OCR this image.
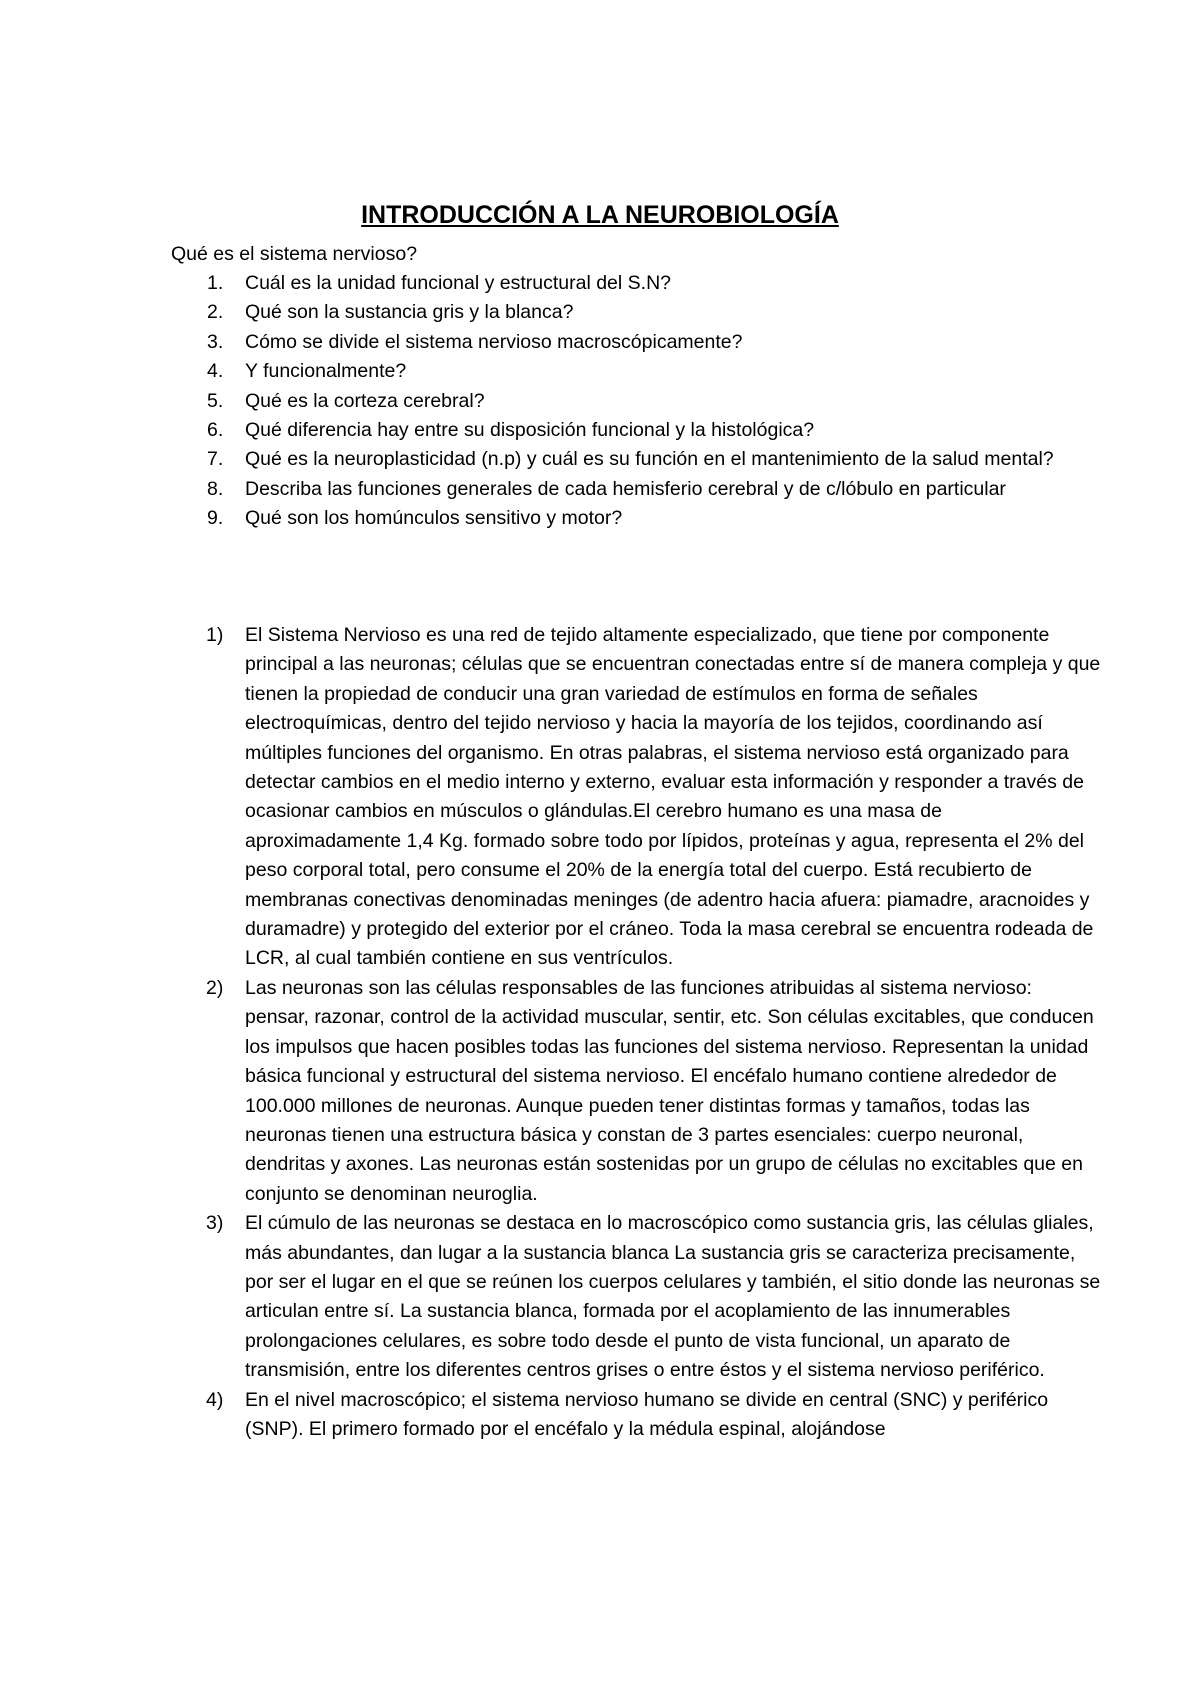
INTRODUCCIÓN A LA NEUROBIOLOGÍA

Qué es el sistema nervioso?

1. Cuál es la unidad funcional y estructural del S.N?
2. Qué son la sustancia gris y la blanca?
3. Cómo se divide el sistema nervioso macroscópicamente?
4. Y funcionalmente?
5. Qué es la corteza cerebral?
6. Qué diferencia hay entre su disposición funcional y la histológica?
7. Qué es la neuroplasticidad (n.p) y cuál es su función en el mantenimiento de la salud mental?
8. Describa las funciones generales de cada hemisferio cerebral y de c/lóbulo en particular
9. Qué son los homúnculos sensitivo y motor?
1) El Sistema Nervioso es una red de tejido altamente especializado, que tiene por componente principal a las neuronas; células que se encuentran conectadas entre sí de manera compleja y que tienen la propiedad de conducir una gran variedad de estímulos en forma de señales electroquímicas, dentro del tejido nervioso y hacia la mayoría de los tejidos, coordinando así múltiples funciones del organismo. En otras palabras, el sistema nervioso está organizado para detectar cambios en el medio interno y externo, evaluar esta información y responder a través de ocasionar cambios en músculos o glándulas.El cerebro humano es una masa de aproximadamente 1,4 Kg. formado sobre todo por lípidos, proteínas y agua, representa el 2% del peso corporal total, pero consume el 20% de la energía total del cuerpo. Está recubierto de membranas conectivas denominadas meninges (de adentro hacia afuera: piamadre, aracnoides y duramadre) y protegido del exterior por el cráneo. Toda la masa cerebral se encuentra rodeada de LCR, al cual también contiene en sus ventrículos.
2) Las neuronas son las células responsables de las funciones atribuidas al sistema nervioso: pensar, razonar, control de la actividad muscular, sentir, etc. Son células excitables, que conducen los impulsos que hacen posibles todas las funciones del sistema nervioso. Representan la unidad básica funcional y estructural del sistema nervioso. El encéfalo humano contiene alrededor de 100.000 millones de neuronas. Aunque pueden tener distintas formas y tamaños, todas las neuronas tienen una estructura básica y constan de 3 partes esenciales: cuerpo neuronal, dendritas y axones. Las neuronas están sostenidas por un grupo de células no excitables que en conjunto se denominan neuroglia.
3) El cúmulo de las neuronas se destaca en lo macroscópico como sustancia gris, las células gliales, más abundantes, dan lugar a la sustancia blanca La sustancia gris se caracteriza precisamente, por ser el lugar en el que se reúnen los cuerpos celulares y también, el sitio donde las neuronas se articulan entre sí. La sustancia blanca, formada por el acoplamiento de las innumerables prolongaciones celulares, es sobre todo desde el punto de vista funcional, un aparato de transmisión, entre los diferentes centros grises o entre éstos y el sistema nervioso periférico.
4) En el nivel macroscópico; el sistema nervioso humano se divide en central (SNC) y periférico (SNP). El primero formado por el encéfalo y la médula espinal, alojándose
